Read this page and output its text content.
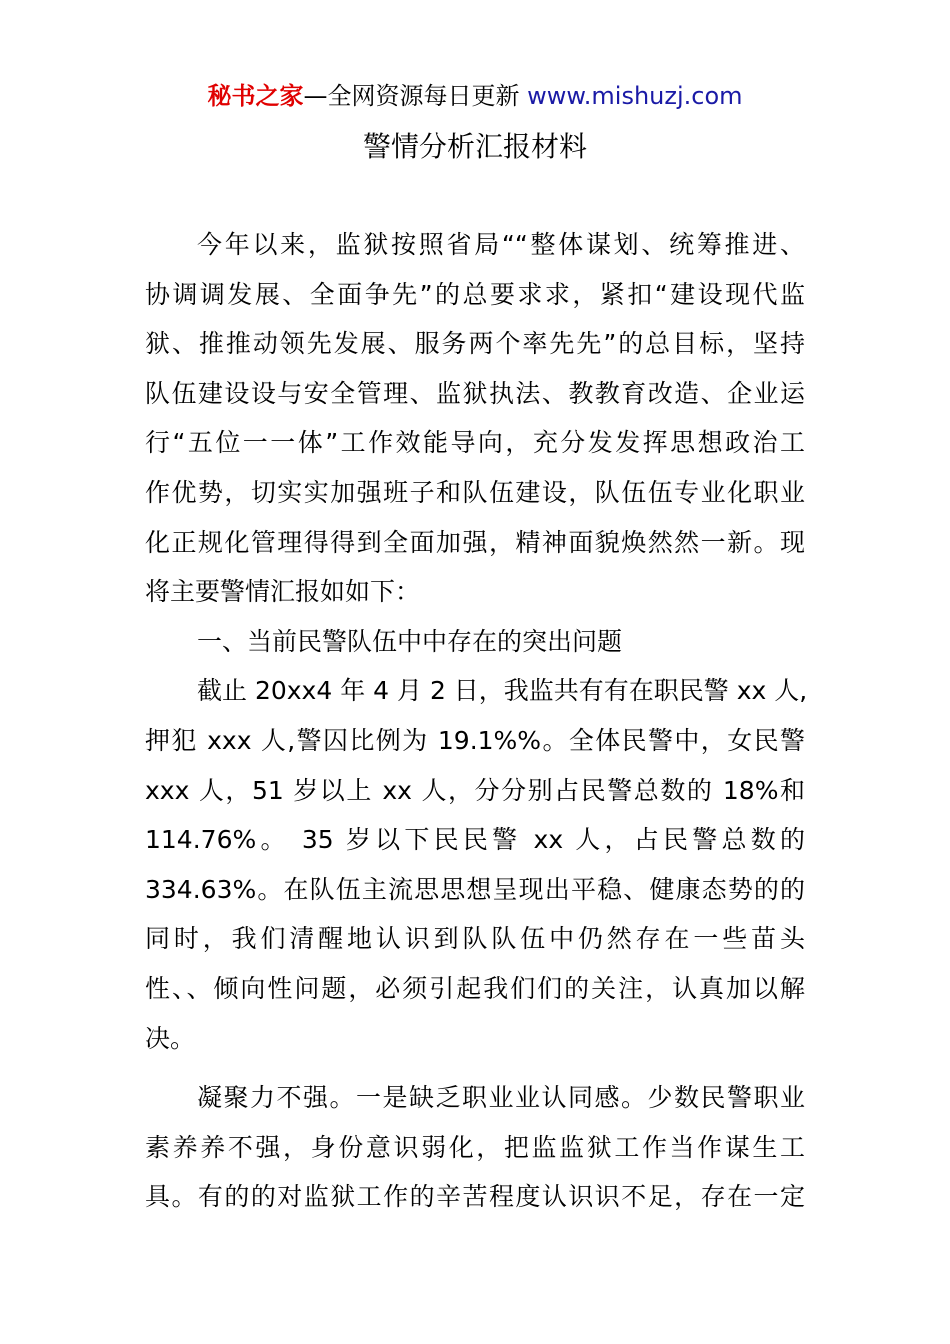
秘书之家—全网资源每日更新 www.mishuzj.com
警情分析汇报材料
今年以来，监狱按照省局““整体谋划、统筹推进、
协调调发展、全面争先”的总要求求，紧扣“建设现代监
狱、推推动领先发展、服务两个率先先”的总目标，坚持
队伍建设设与安全管理、监狱执法、教教育改造、企业运
行“五位一一体”工作效能导向，充分发发挥思想政治工
作优势，切实实加强班子和队伍建设，队伍伍专业化职业
化正规化管理得得到全面加强，精神面貌焕然然一新。现
将主要警情汇报如如下：
一、当前民警队伍中中存在的突出问题
截止 20xx4 年 4 月 2 日，我监共有有在职民警 xx 人,
押犯 xxx 人,警囚比例为 19.1%%。全体民警中，女民警
xxx 人，51 岁以上 xx 人，分分别占民警总数的 18%和
114.76%。 35 岁以下民民警 xx 人，占民警总数的
334.63%。在队伍主流思思想呈现出平稳、健康态势的的
同时，我们清醒地认识到队队伍中仍然存在一些苗头
性、、倾向性问题，必须引起我们们的关注，认真加以解
决。
凝聚力不强。一是缺乏职业业认同感。少数民警职业
素养养不强，身份意识弱化，把监监狱工作当作谋生工
具。有的的对监狱工作的辛苦程度认识识不足，存在一定
